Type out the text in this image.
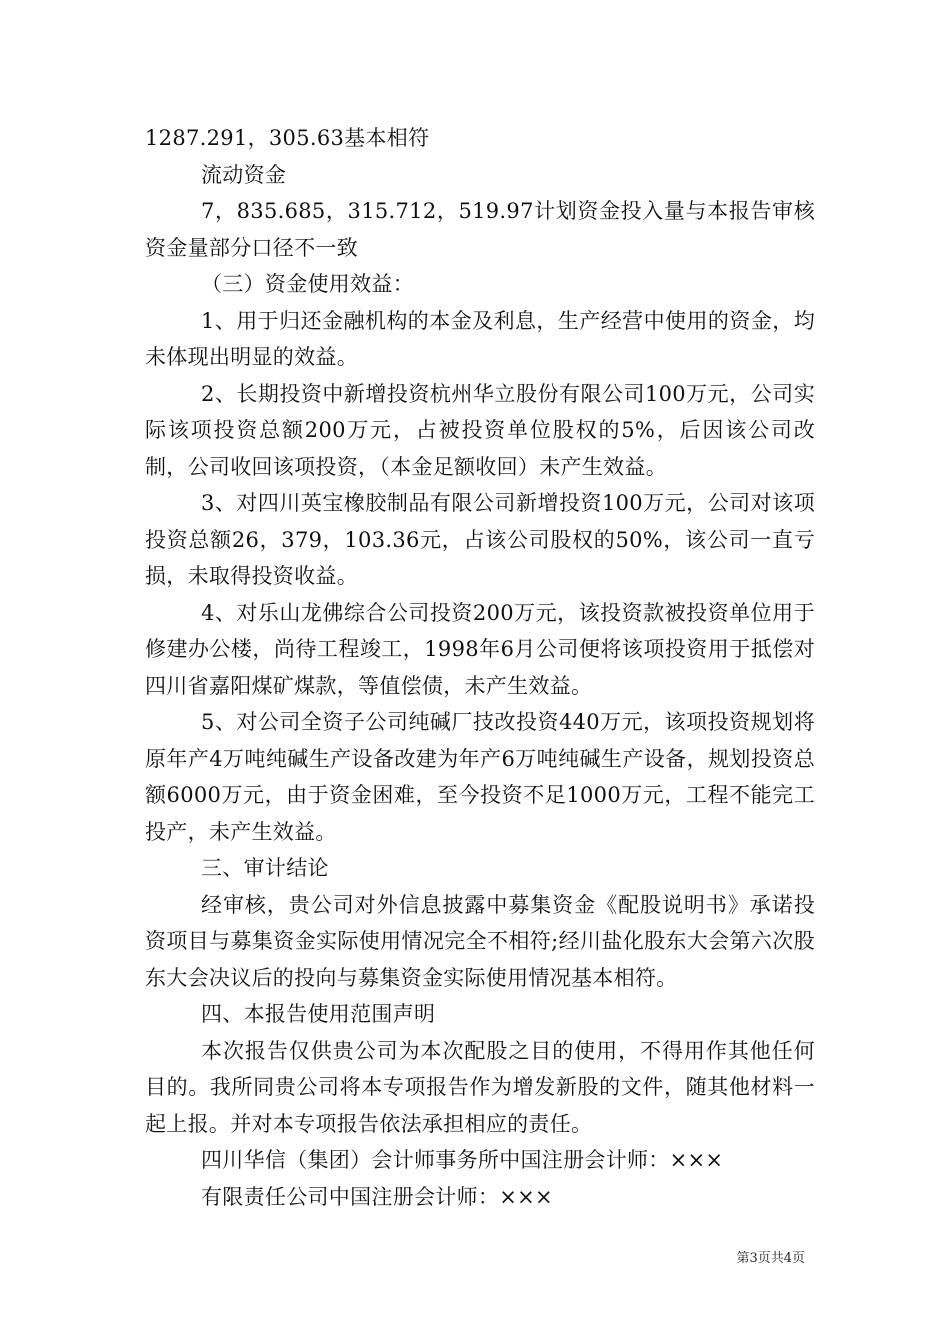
1287.291，305.63基本相符

流动资金

7，835.685，315.712，519.97计划资金投入量与本报告审核资金量部分口径不一致

（三）资金使用效益：

1、用于归还金融机构的本金及利息，生产经营中使用的资金，均未体现出明显的效益。

2、长期投资中新增投资杭州华立股份有限公司100万元，公司实际该项投资总额200万元，占被投资单位股权的5%，后因该公司改制，公司收回该项投资，（本金足额收回）未产生效益。

3、对四川英宝橡胶制品有限公司新增投资100万元，公司对该项投资总额26，379，103.36元，占该公司股权的50%，该公司一直亏损，未取得投资收益。

4、对乐山龙佛综合公司投资200万元，该投资款被投资单位用于修建办公楼，尚待工程竣工，1998年6月公司便将该项投资用于抵偿对四川省嘉阳煤矿煤款，等值偿债，未产生效益。

5、对公司全资子公司纯碱厂技改投资440万元，该项投资规划将原年产4万吨纯碱生产设备改建为年产6万吨纯碱生产设备，规划投资总额6000万元，由于资金困难，至今投资不足1000万元，工程不能完工投产，未产生效益。

三、审计结论

经审核，贵公司对外信息披露中募集资金《配股说明书》承诺投资项目与募集资金实际使用情况完全不相符;经川盐化股东大会第六次股东大会决议后的投向与募集资金实际使用情况基本相符。

四、本报告使用范围声明

本次报告仅供贵公司为本次配股之目的使用，不得用作其他任何目的。我所同贵公司将本专项报告作为增发新股的文件，随其他材料一起上报。并对本专项报告依法承担相应的责任。

四川华信（集团）会计师事务所中国注册会计师：×××

有限责任公司中国注册会计师：×××

第3页共4页
